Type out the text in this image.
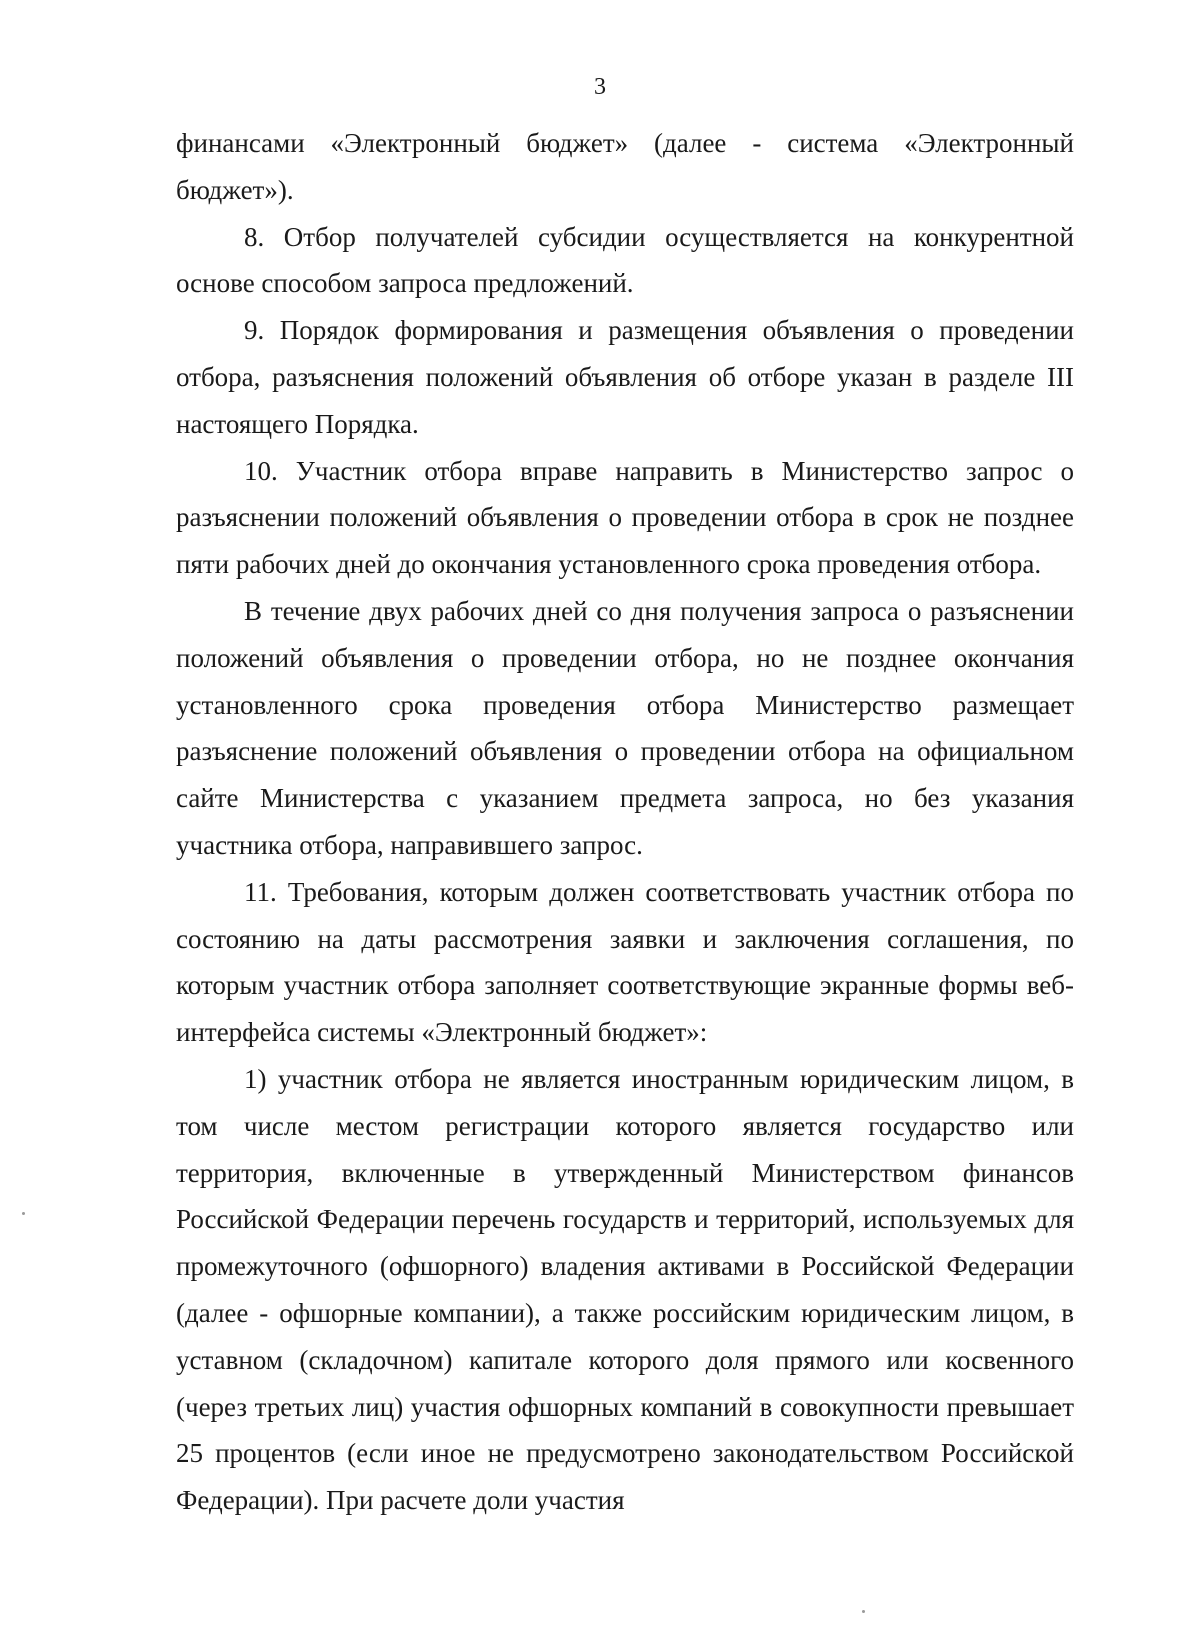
3

финансами «Электронный бюджет» (далее - система «Электронный бюджет»).

8. Отбор получателей субсидии осуществляется на конкурентной основе способом запроса предложений.

9. Порядок формирования и размещения объявления о проведении отбора, разъяснения положений объявления об отборе указан в разделе III настоящего Порядка.

10. Участник отбора вправе направить в Министерство запрос о разъяснении положений объявления о проведении отбора в срок не позднее пяти рабочих дней до окончания установленного срока проведения отбора.

В течение двух рабочих дней со дня получения запроса о разъяснении положений объявления о проведении отбора, но не позднее окончания установленного срока проведения отбора Министерство размещает разъяснение положений объявления о проведении отбора на официальном сайте Министерства с указанием предмета запроса, но без указания участника отбора, направившего запрос.

11. Требования, которым должен соответствовать участник отбора по состоянию на даты рассмотрения заявки и заключения соглашения, по которым участник отбора заполняет соответствующие экранные формы веб-интерфейса системы «Электронный бюджет»:

1) участник отбора не является иностранным юридическим лицом, в том числе местом регистрации которого является государство или территория, включенные в утвержденный Министерством финансов Российской Федерации перечень государств и территорий, используемых для промежуточного (офшорного) владения активами в Российской Федерации (далее - офшорные компании), а также российским юридическим лицом, в уставном (складочном) капитале которого доля прямого или косвенного (через третьих лиц) участия офшорных компаний в совокупности превышает 25 процентов (если иное не предусмотрено законодательством Российской Федерации). При расчете доли участия
